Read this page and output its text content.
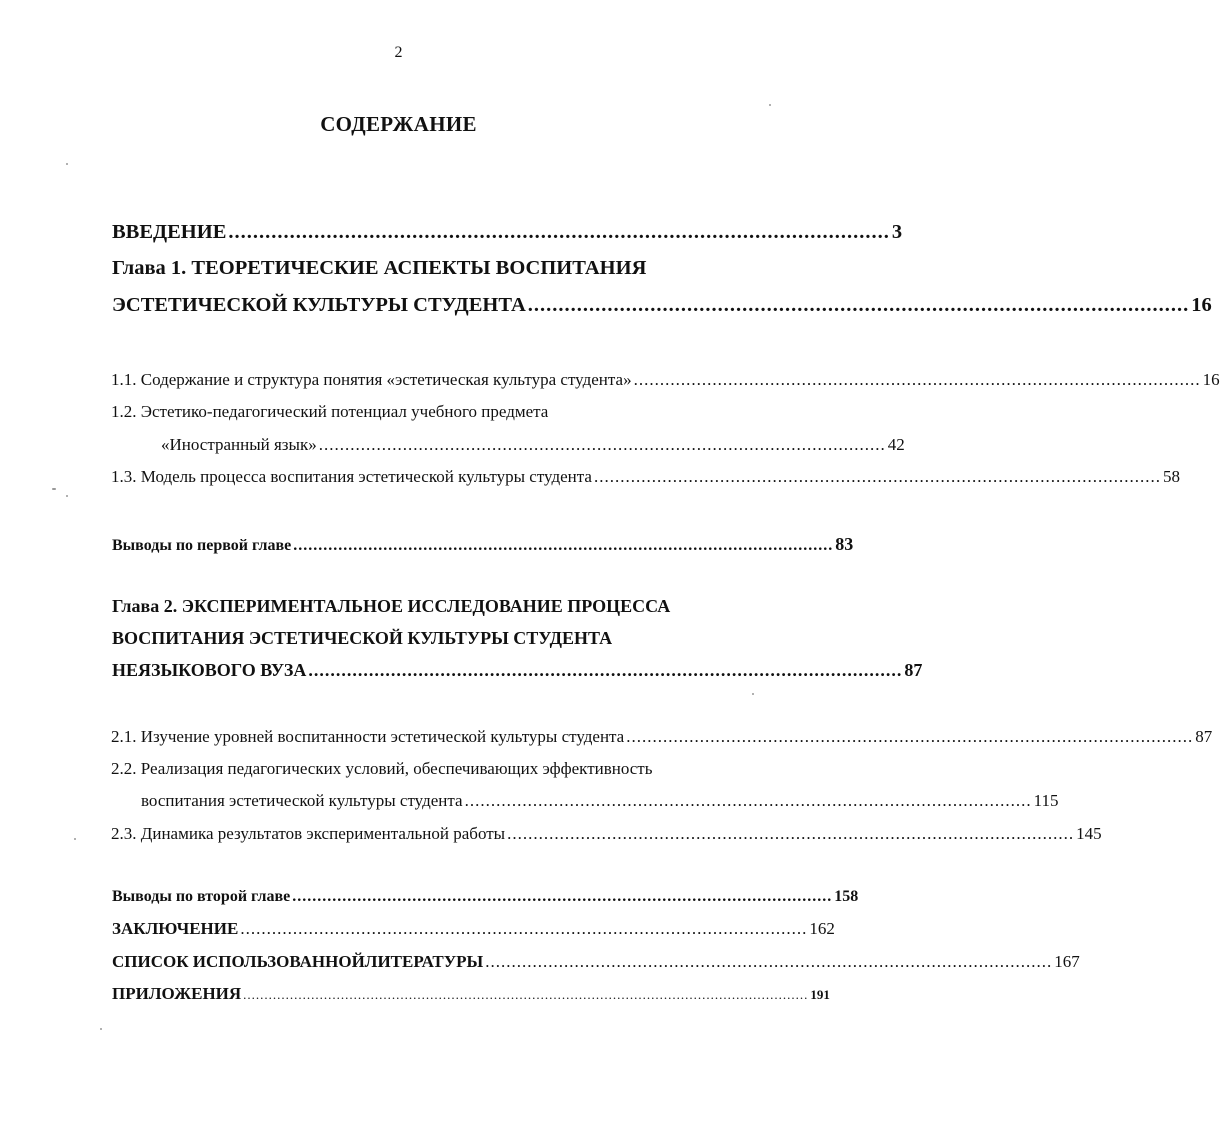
2
СОДЕРЖАНИЕ
ВВЕДЕНИЕ ............................................................................................................ 3
Глава 1. ТЕОРЕТИЧЕСКИЕ АСПЕКТЫ ВОСПИТАНИЯ
ЭСТЕТИЧЕСКОЙ КУЛЬТУРЫ СТУДЕНТА ............................................................................................................ 16
1.1. Содержание и структура понятия «эстетическая культура студента» ............................................................................................................ 16
1.2. Эстетико-педагогический потенциал учебного предмета
«Иностранный язык» ............................................................................................................ 42
1.3. Модель процесса воспитания эстетической культуры студента ............................................................................................................ 58
Выводы по первой главе ............................................................................................................ 83
Глава 2. ЭКСПЕРИМЕНТАЛЬНОЕ ИССЛЕДОВАНИЕ ПРОЦЕССА
ВОСПИТАНИЯ ЭСТЕТИЧЕСКОЙ КУЛЬТУРЫ СТУДЕНТА
НЕЯЗЫКОВОГО ВУЗА ............................................................................................................ 87
2.1. Изучение уровней воспитанности эстетической культуры студента ............................................................................................................ 87
2.2. Реализация педагогических условий, обеспечивающих эффективность
воспитания эстетической культуры студента ............................................................................................................ 115
2.3. Динамика результатов экспериментальной работы ............................................................................................................ 145
Выводы по второй главе ............................................................................................................ 158
ЗАКЛЮЧЕНИЕ ............................................................................................................ 162
СПИСОК ИСПОЛЬЗОВАННОЙЛИТЕРАТУРЫ ............................................................................................................ 167
ПРИЛОЖЕНИЯ ..................................................................................................................................... 191
